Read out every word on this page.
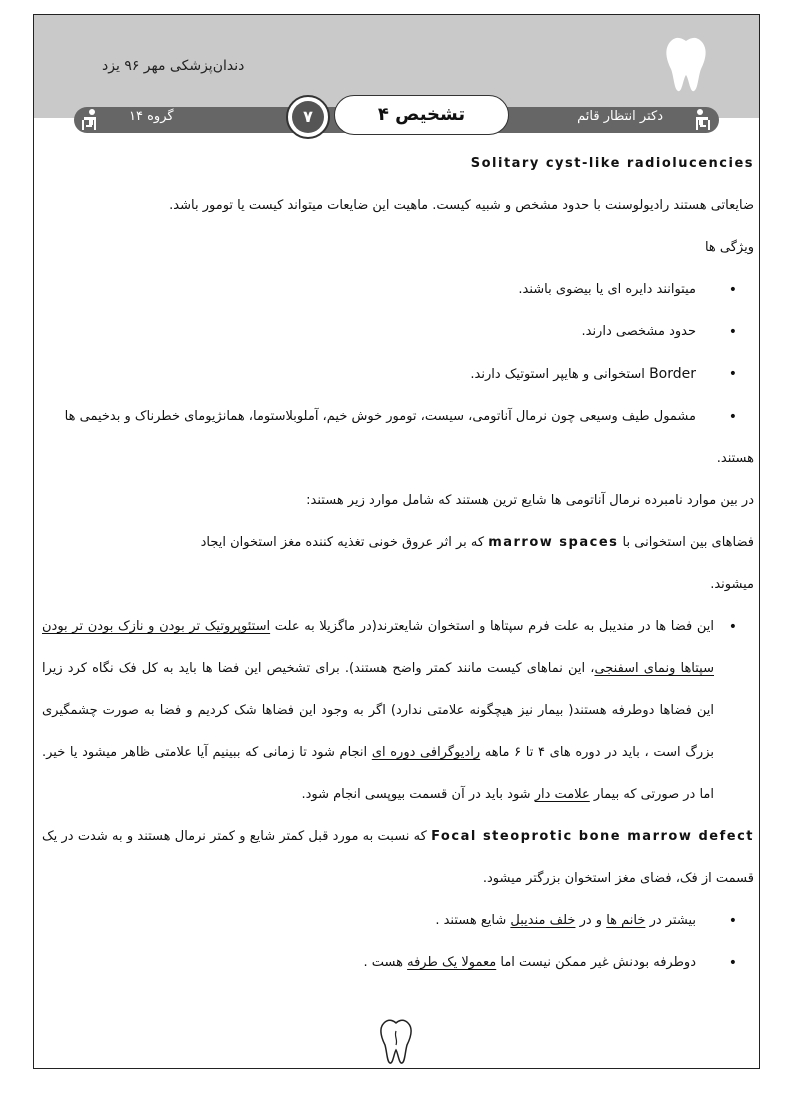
دندان‌پزشکی مهر ۹۶ یزد
گروه ۱۴	دکتر انتظار قائم
۷	تشخیص ۴

Solitary cyst-like radiolucencies

ضایعاتی هستند رادیولوسنت با حدود مشخص و شبیه کیست. ماهیت این ضایعات میتواند کیست یا تومور باشد.

ویژگی ها

• میتوانند دایره ای یا بیضوی باشند.
• حدود مشخصی دارند.
• Border استخوانی و هایپر استوتیک دارند.
• مشمول طیف وسیعی چون نرمال آناتومی، سیست، تومور خوش خیم، آملوبلاستوما، همانژیومای خطرناک و بدخیمی ها

هستند.

در بین موارد نامبرده نرمال آناتومی ها شایع ترین هستند که شامل موارد زیر هستند:

فضاهای بین استخوانی با marrow spaces که بر اثر عروق خونی تغذیه کننده مغز استخوان ایجاد

میشوند.

• این فضا ها در مندیبل به علت فرم سپتاها و استخوان شایعترند(در ماگزیلا به علت استئوپروتیک تر بودن و نازک بودن تر بودن سپتاها ونمای اسفنجی، این نماهای کیست مانند کمتر واضح هستند). برای تشخیص این فضا ها باید به کل فک نگاه کرد زیرا این فضاها دوطرفه هستند( بیمار نیز هیچگونه علامتی ندارد) اگر به وجود این فضاها شک کردیم و فضا به صورت چشمگیری بزرگ است ، باید در دوره های ۴ تا ۶ ماهه رادیوگرافی دوره ای انجام شود تا زمانی که ببینیم آیا علامتی ظاهر میشود یا خیر. اما در صورتی که بیمار علامت دار شود باید در آن قسمت بیوپسی انجام شود.

Focal steoprotic bone marrow defect که نسبت به مورد قبل کمتر شایع و کمتر نرمال هستند و به شدت در یک قسمت از فک، فضای مغز استخوان بزرگتر میشود.

• بیشتر در خانم ها و در خلف مندیبل شایع هستند .
• دوطرفه بودنش غیر ممکن نیست اما معمولا یک طرفه هست .
